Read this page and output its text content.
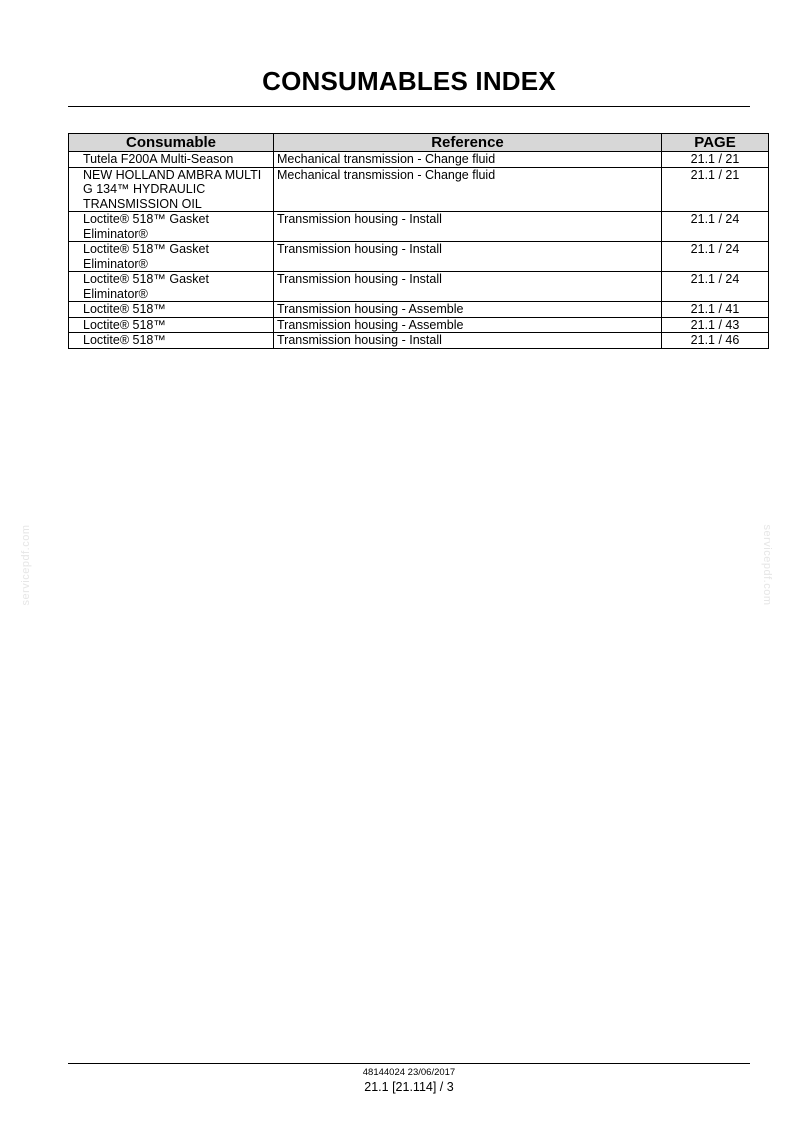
CONSUMABLES INDEX
Consumable	Reference	PAGE
Tutela F200A Multi-Season	Mechanical transmission - Change fluid	21.1 / 21
NEW HOLLAND AMBRA MULTI G 134™ HYDRAULIC TRANSMISSION OIL	Mechanical transmission - Change fluid	21.1 / 21
Loctite® 518™ Gasket Eliminator®	Transmission housing - Install	21.1 / 24
Loctite® 518™ Gasket Eliminator®	Transmission housing - Install	21.1 / 24
Loctite® 518™ Gasket Eliminator®	Transmission housing - Install	21.1 / 24
Loctite® 518™	Transmission housing - Assemble	21.1 / 41
Loctite® 518™	Transmission housing - Assemble	21.1 / 43
Loctite® 518™	Transmission housing - Install	21.1 / 46
servicepdf.com	servicepdf.com
48144024 23/06/2017
21.1 [21.114] / 3
